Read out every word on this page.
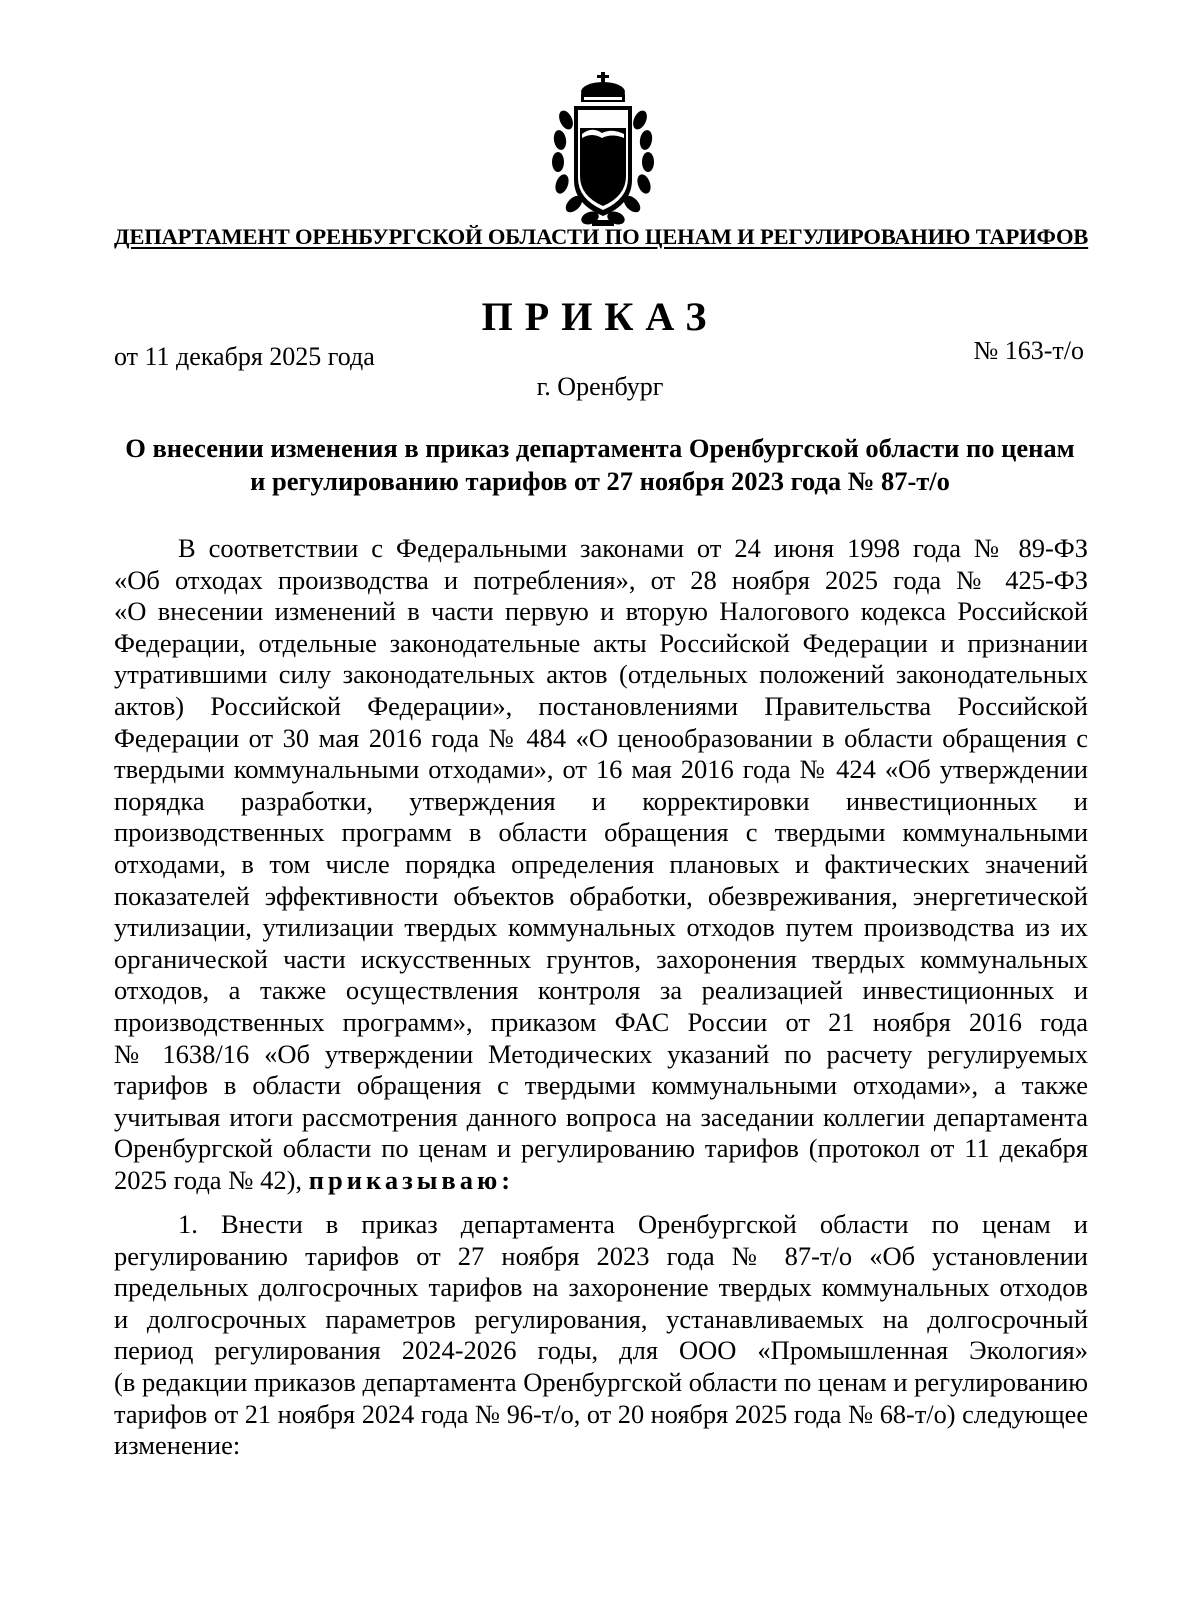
ДЕПАРТАМЕНТ ОРЕНБУРГСКОЙ ОБЛАСТИ ПО ЦЕНАМ И РЕГУЛИРОВАНИЮ ТАРИФОВ
ПРИКАЗ
от 11 декабря 2025 года	№ 163-т/о
г. Оренбург
О внесении изменения в приказ департамента Оренбургской области по ценам
и регулированию тарифов от 27 ноября 2023 года № 87-т/о
В соответствии с Федеральными законами от 24 июня 1998 года № 89-ФЗ
«Об отходах производства и потребления», от 28 ноября 2025 года № 425-ФЗ
«О внесении изменений в части первую и вторую Налогового кодекса Российской
Федерации, отдельные законодательные акты Российской Федерации и признании
утратившими силу законодательных актов (отдельных положений законодательных
актов) Российской Федерации», постановлениями Правительства Российской
Федерации от 30 мая 2016 года № 484 «О ценообразовании в области обращения с
твердыми коммунальными отходами», от 16 мая 2016 года № 424 «Об утверждении
порядка разработки, утверждения и корректировки инвестиционных и
производственных программ в области обращения с твердыми коммунальными
отходами, в том числе порядка определения плановых и фактических значений
показателей эффективности объектов обработки, обезвреживания, энергетической
утилизации, утилизации твердых коммунальных отходов путем производства из их
органической части искусственных грунтов, захоронения твердых коммунальных
отходов, а также осуществления контроля за реализацией инвестиционных и
производственных программ», приказом ФАС России от 21 ноября 2016 года
№ 1638/16 «Об утверждении Методических указаний по расчету регулируемых
тарифов в области обращения с твердыми коммунальными отходами», а также
учитывая итоги рассмотрения данного вопроса на заседании коллегии департамента
Оренбургской области по ценам и регулированию тарифов (протокол от 11 декабря
2025 года № 42), приказываю:
1. Внести в приказ департамента Оренбургской области по ценам и
регулированию тарифов от 27 ноября 2023 года № 87-т/о «Об установлении
предельных долгосрочных тарифов на захоронение твердых коммунальных отходов
и долгосрочных параметров регулирования, устанавливаемых на долгосрочный
период регулирования 2024-2026 годы, для ООО «Промышленная Экология»
(в редакции приказов департамента Оренбургской области по ценам и регулированию
тарифов от 21 ноября 2024 года № 96-т/о, от 20 ноября 2025 года № 68-т/о) следующее
изменение:
